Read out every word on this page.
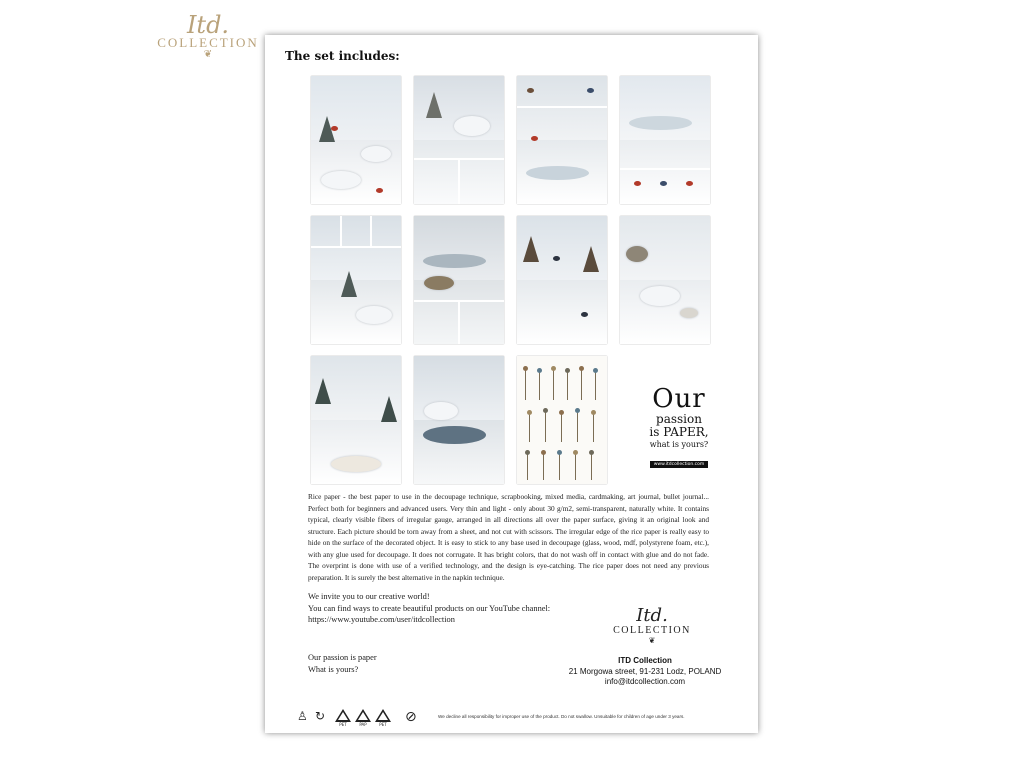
Itd.
COLLECTION
❦	The set includes:
Our
passion
is PAPER,
what is yours?
www.itdcollection.com

Rice paper - the best paper to use in the decoupage technique, scrapbooking, mixed media, cardmaking, art journal, bullet journal... Perfect both for beginners and advanced users. Very thin and light - only about 30 g/m2, semi-transparent, naturally white. It contains typical, clearly visible fibers of irregular gauge, arranged in all directions all over the paper surface, giving it an original look and structure. Each picture should be torn away from a sheet, and not cut with scissors. The irregular edge of the rice paper is really easy to hide on the surface of the decorated object. It is easy to stick to any base used in decoupage (glass, wood, mdf, polystyrene foam, etc.), with any glue used for decoupage. It does not corrugate. It has bright colors, that do not wash off in contact with glue and do not fade. The overprint is done with use of a verified technology, and the design is eye-catching. The rice paper does not need any previous preparation. It is surely the best alternative in the napkin technique.

We invite you to our creative world!
You can find ways to create beautiful products on our YouTube channel:
https://www.youtube.com/user/itdcollection	Itd.
COLLECTION
❦
Our passion is paper
What is yours?
ITD Collection
21 Morgowa street, 91-231 Lodz, POLAND
info@itdcollection.com
♙ ↻
PET	PAP	PET	⊘	We decline all responsibility for improper use of the product. Do not swallow. Unsuitable for children of age under 3 years.
